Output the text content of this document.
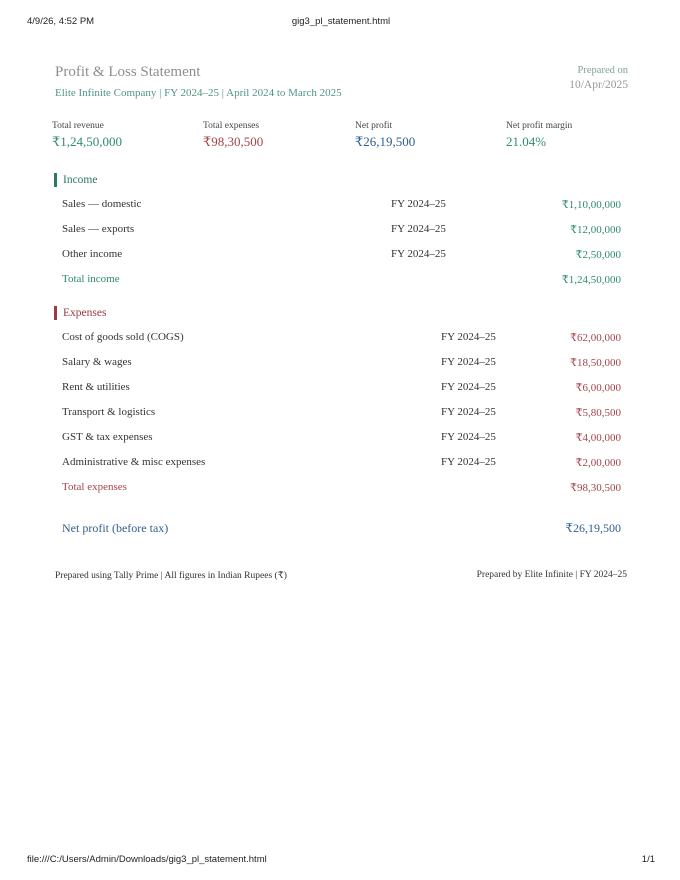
4/9/26, 4:52 PM	gig3_pl_statement.html
Profit & Loss Statement
Elite Infinite Company | FY 2024–25 | April 2024 to March 2025
Prepared on
10/Apr/2025
Total revenue
₹1,24,50,000
Total expenses
₹98,30,500
Net profit
₹26,19,500
Net profit margin
21.04%
Income
Sales — domestic	FY 2024–25	₹1,10,00,000
Sales — exports	FY 2024–25	₹12,00,000
Other income	FY 2024–25	₹2,50,000
Total income	₹1,24,50,000
Expenses
Cost of goods sold (COGS)	FY 2024–25	₹62,00,000
Salary & wages	FY 2024–25	₹18,50,000
Rent & utilities	FY 2024–25	₹6,00,000
Transport & logistics	FY 2024–25	₹5,80,500
GST & tax expenses	FY 2024–25	₹4,00,000
Administrative & misc expenses	FY 2024–25	₹2,00,000
Total expenses	₹98,30,500
Net profit (before tax)	₹26,19,500
Prepared using Tally Prime | All figures in Indian Rupees (₹)	Prepared by Elite Infinite | FY 2024–25
file:///C:/Users/Admin/Downloads/gig3_pl_statement.html	1/1
